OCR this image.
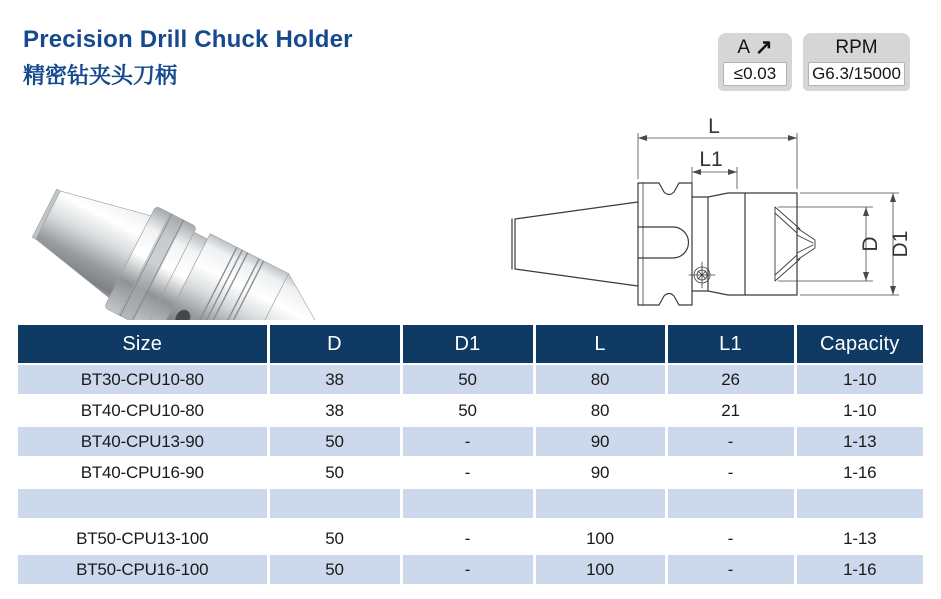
Precision Drill Chuck Holder
精密钻夹头刀柄
A ↗
≤0.03
RPM
G6.3/15000
L
L1
D D1
Size	D	D1	L	L1	Capacity
BT30-CPU10-80	38	50	80	26	1-10
BT40-CPU10-80	38	50	80	21	1-10
BT40-CPU13-90	50	-	90	-	1-13
BT40-CPU16-90	50	-	90	-	1-16

BT50-CPU13-100	50	-	100	-	1-13
BT50-CPU16-100	50	-	100	-	1-16
